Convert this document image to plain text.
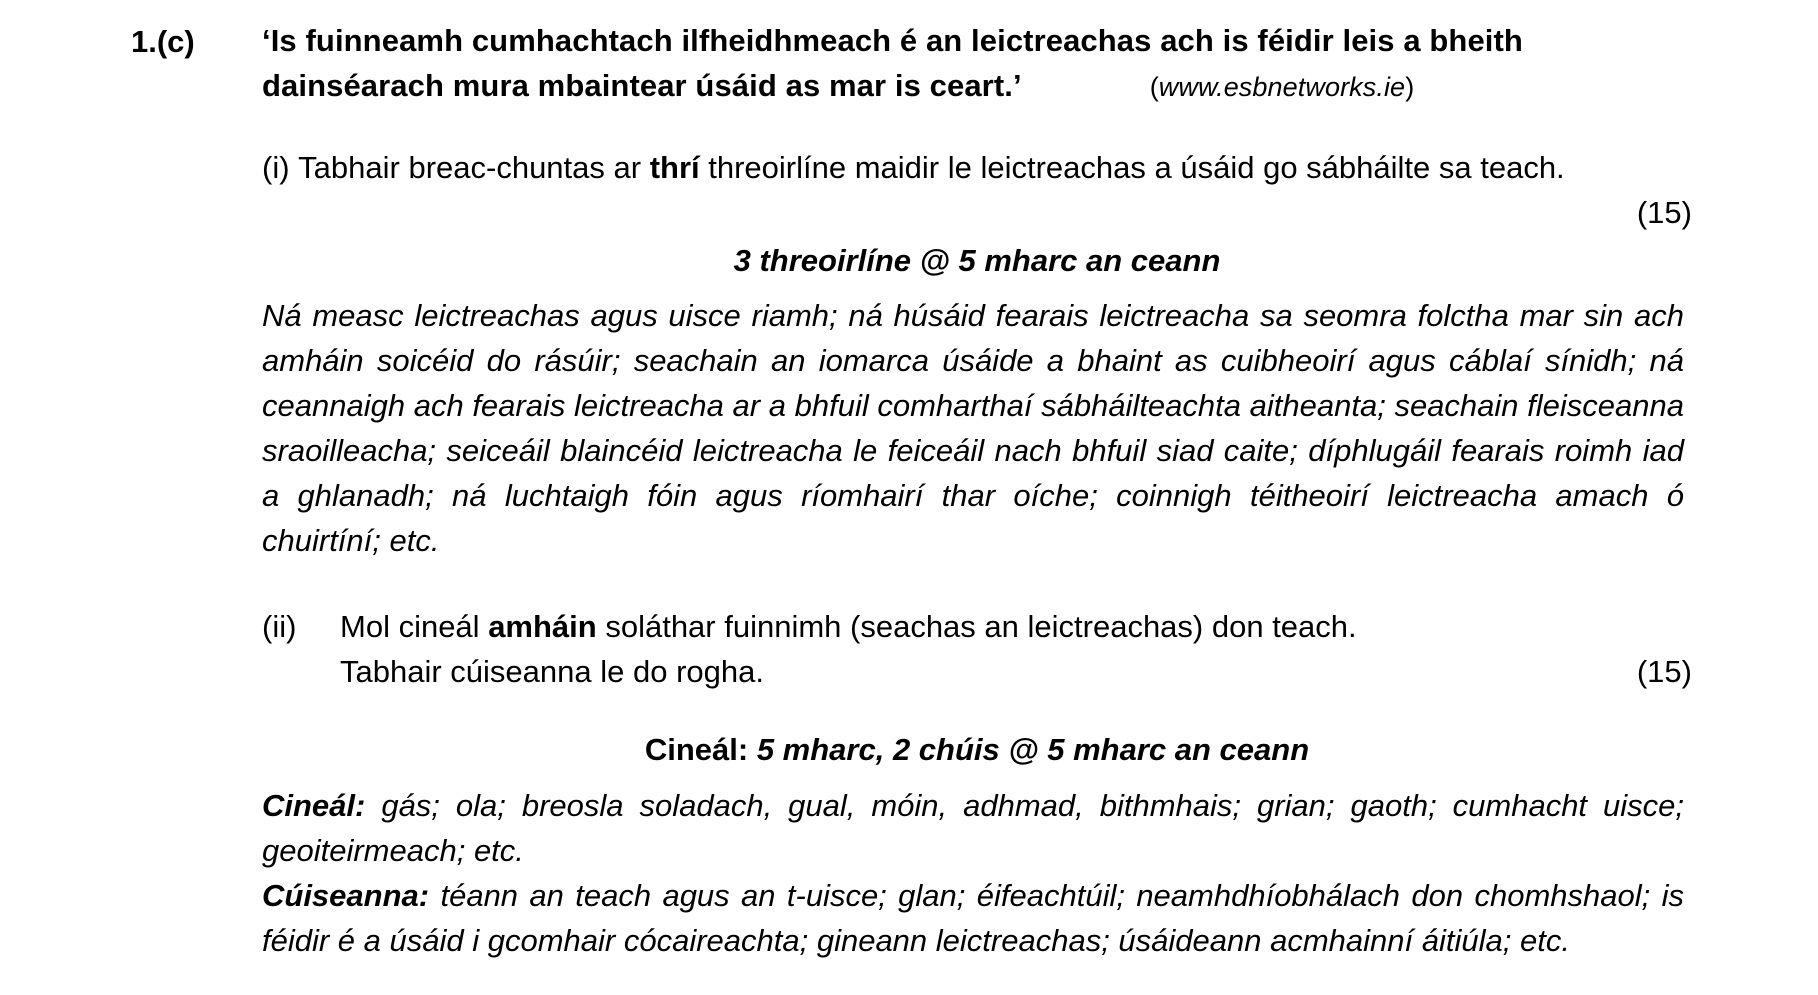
1.(c) ‘Is fuinneamh cumhachtach ilfheidhmeach é an leictreachas ach is féidir leis a bheith dainséarach mura mbaintear úsáid as mar is ceart.’	(www.esbnetworks.ie)
(i) Tabhair breac-chuntas ar thrí threoirlíne maidir le leictreachas a úsáid go sábháilte sa teach.
(15)
3 threoirlíne @ 5 mharc an ceann
Ná measc leictreachas agus uisce riamh; ná húsáid fearais leictreacha sa seomra folctha mar sin ach amháin soicéid do rásúir; seachain an iomarca úsáide a bhaint as cuibheoirí agus cáblaí sínidh; ná ceannaigh ach fearais leictreacha ar a bhfuil comharthaí sábháilteachta aitheanta; seachain fleisceanna sraoilleacha; seiceáil blaincéid leictreacha le feiceáil nach bhfuil siad caite; díphlugáil fearais roimh iad a ghlanadh; ná luchtaigh fóin agus ríomhairí thar oíche; coinnigh téitheoirí leictreacha amach ó chuirtíní; etc.
(ii) Mol cineál amháin soláthar fuinnimh (seachas an leictreachas) don teach.
Tabhair cúiseanna le do rogha.	(15)
Cineál: 5 mharc, 2 chúis @ 5 mharc an ceann
Cineál: gás; ola; breosla soladach, gual, móin, adhmad, bithmhais; grian; gaoth; cumhacht uisce; geoiteirmeach; etc.
Cúiseanna: téann an teach agus an t-uisce; glan; éifeachtúil; neamhdhíobhálach don chomhshaol; is féidir é a úsáid i gcomhair cócaireachta; gineann leictreachas; úsáideann acmhainní áitiúla; etc.
